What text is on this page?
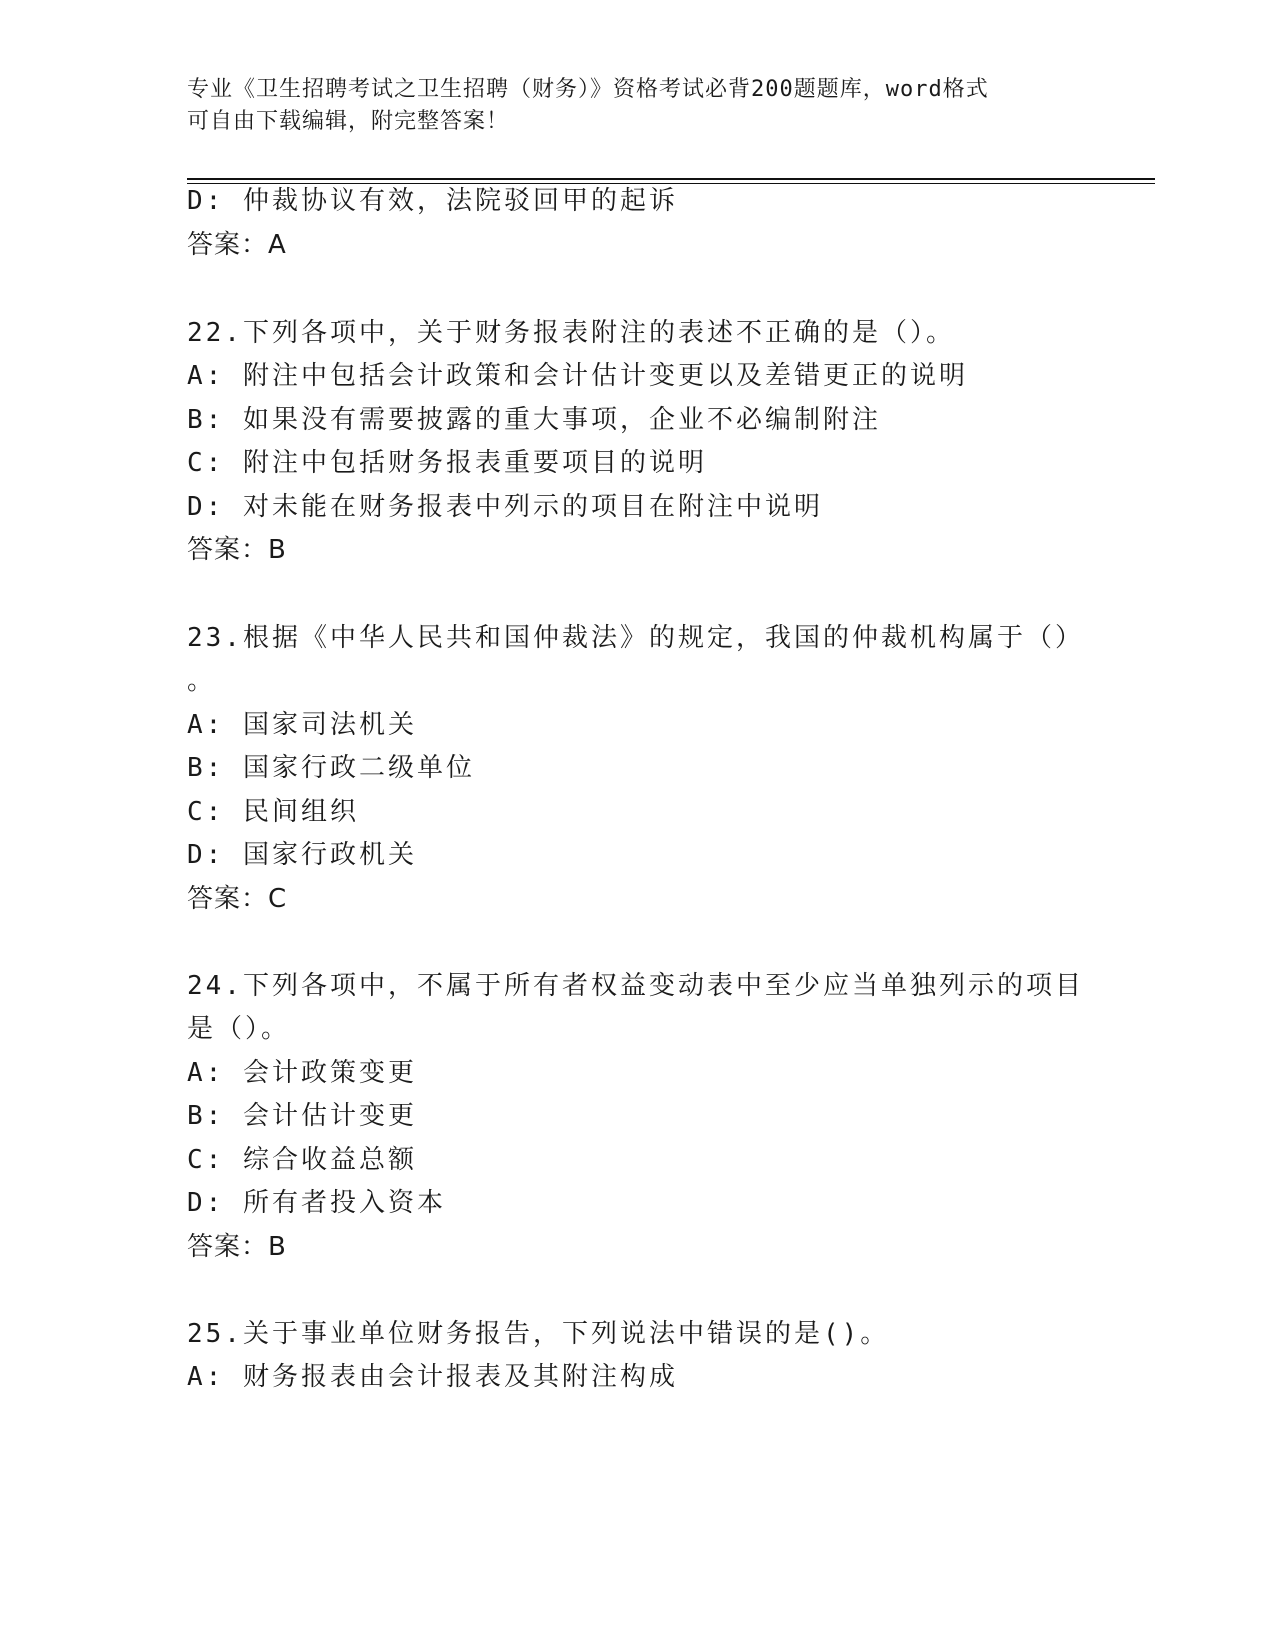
专业《卫生招聘考试之卫生招聘（财务）》资格考试必背200题题库，word格式
可自由下载编辑，附完整答案！
D: 仲裁协议有效，法院驳回甲的起诉
答案：A
22.下列各项中，关于财务报表附注的表述不正确的是（）。
A: 附注中包括会计政策和会计估计变更以及差错更正的说明
B: 如果没有需要披露的重大事项，企业不必编制附注
C: 附注中包括财务报表重要项目的说明
D: 对未能在财务报表中列示的项目在附注中说明
答案：B
23.根据《中华人民共和国仲裁法》的规定，我国的仲裁机构属于（）
。
A: 国家司法机关
B: 国家行政二级单位
C: 民间组织
D: 国家行政机关
答案：C
24.下列各项中，不属于所有者权益变动表中至少应当单独列示的项目
是（）。
A: 会计政策变更
B: 会计估计变更
C: 综合收益总额
D: 所有者投入资本
答案：B
25.关于事业单位财务报告，下列说法中错误的是()。
A: 财务报表由会计报表及其附注构成
